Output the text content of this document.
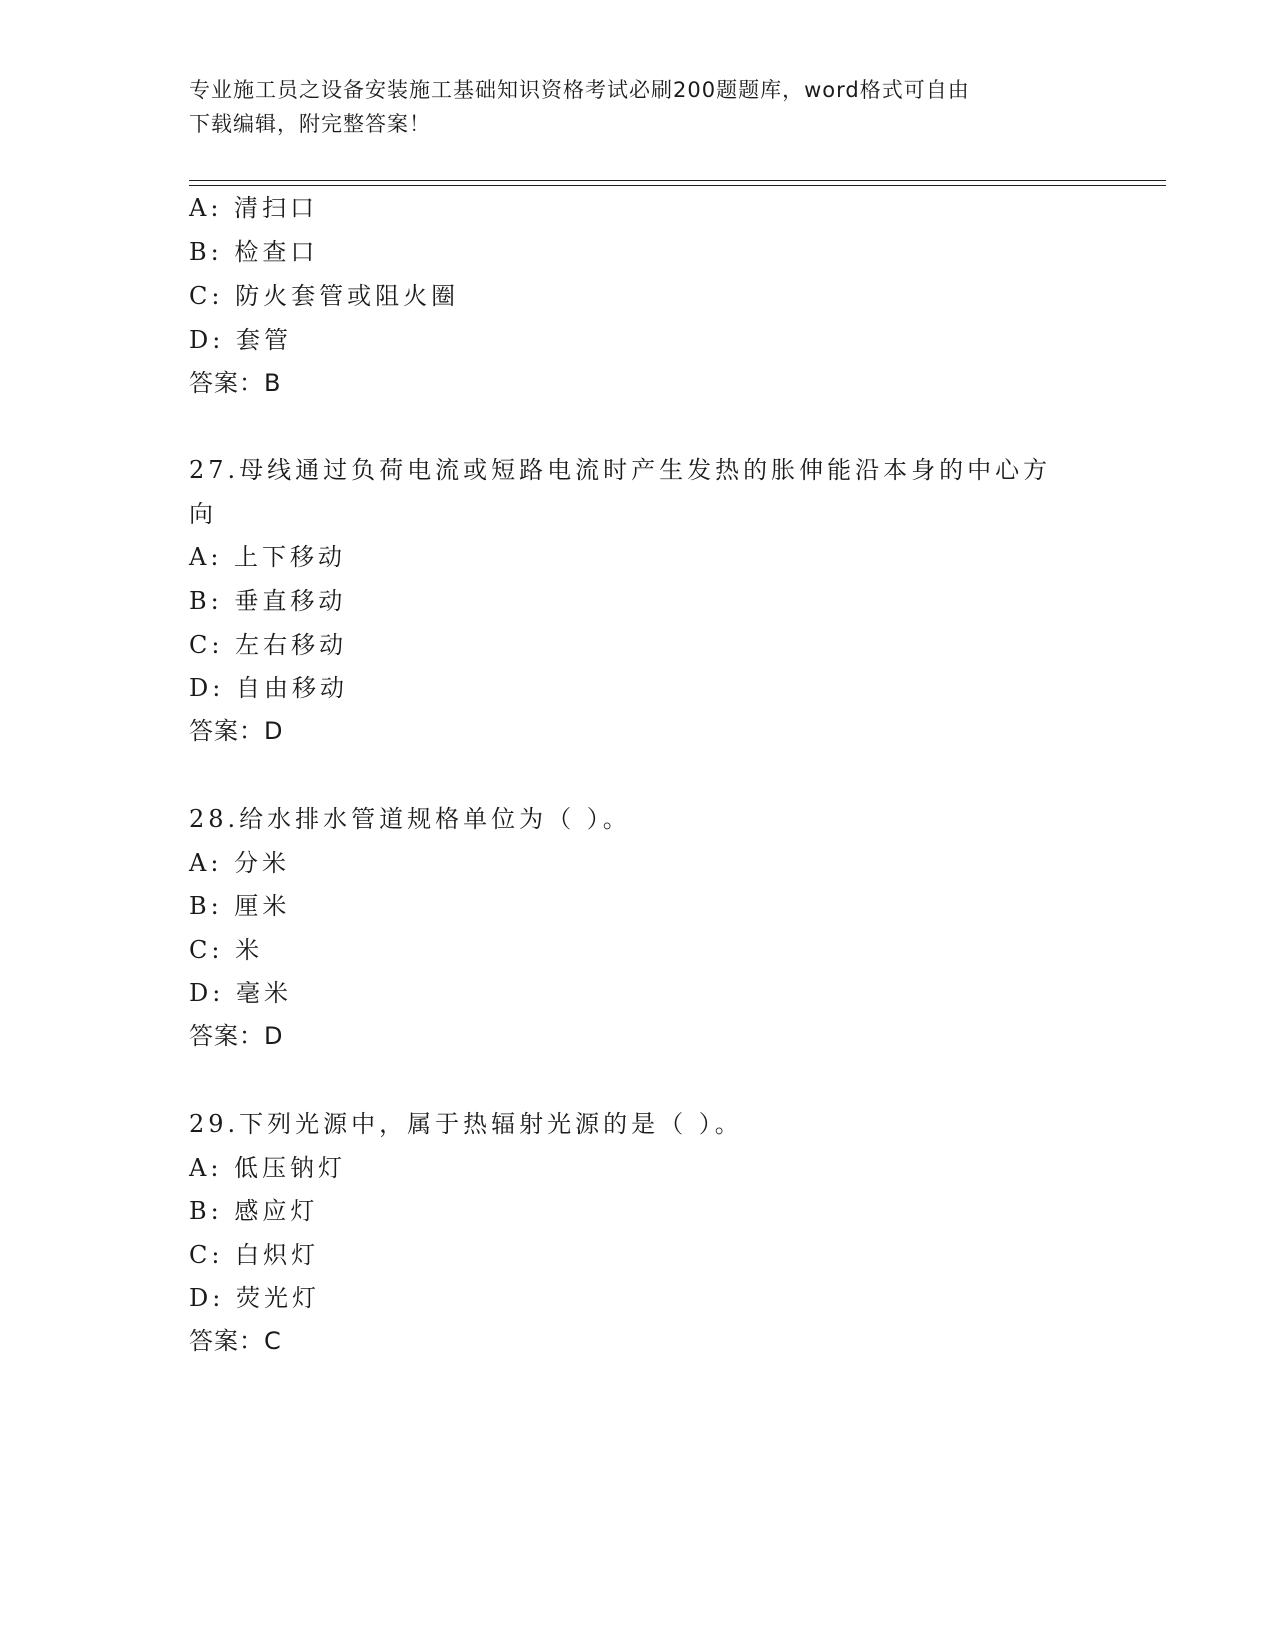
专业施工员之设备安装施工基础知识资格考试必刷200题题库，word格式可自由
下载编辑，附完整答案！
A: 清扫口
B: 检查口
C: 防火套管或阻火圈
D: 套管
答案：B
27.母线通过负荷电流或短路电流时产生发热的胀伸能沿本身的中心方
向
A: 上下移动
B: 垂直移动
C: 左右移动
D: 自由移动
答案：D
28.给水排水管道规格单位为（ ）。
A: 分米
B: 厘米
C: 米
D: 毫米
答案：D
29.下列光源中，属于热辐射光源的是（ ）。
A: 低压钠灯
B: 感应灯
C: 白炽灯
D: 荧光灯
答案：C
